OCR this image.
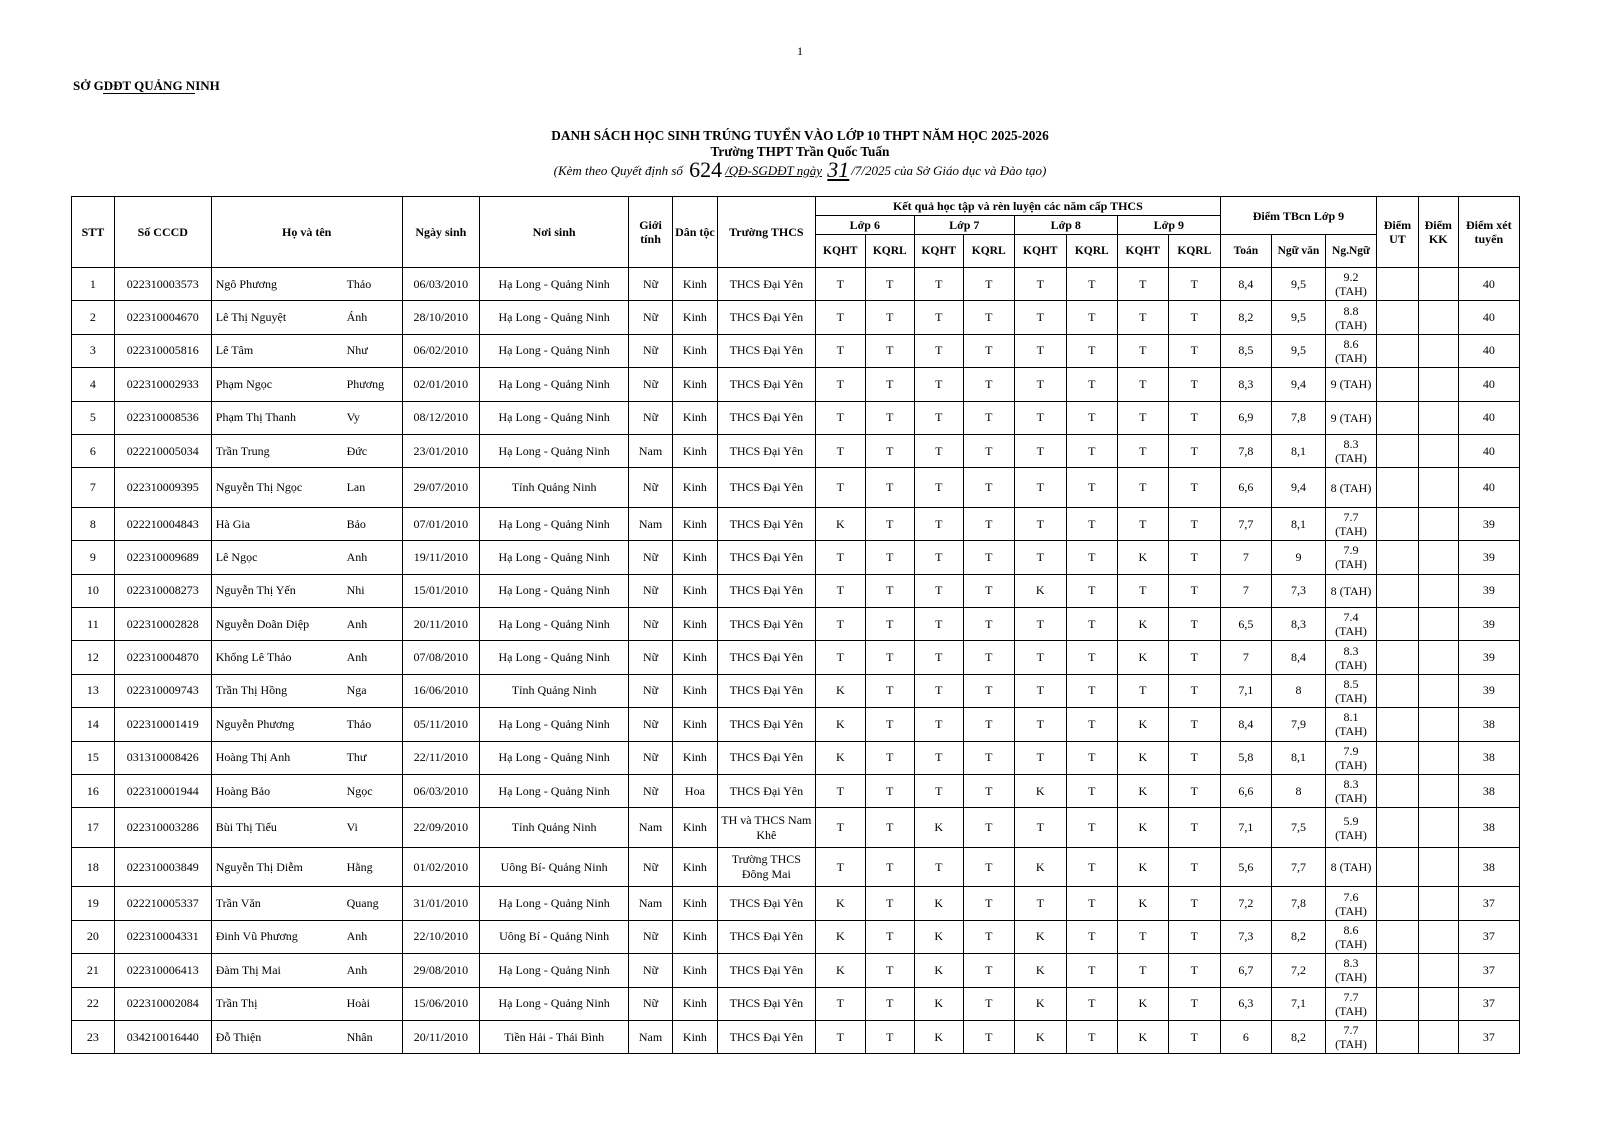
1
SỞ GDĐT QUẢNG NINH
DANH SÁCH HỌC SINH TRÚNG TUYỂN VÀO LỚP 10 THPT NĂM HỌC 2025-2026
Trường THPT Trần Quốc Tuấn
(Kèm theo Quyết định số 624 /QĐ-SGDĐT ngày 31 /7/2025 của Sở Giáo dục và Đào tạo)
STT	Số CCCD	Họ và tên	Ngày sinh	Nơi sinh	Giới tính	Dân tộc	Trường THCS	Kết quả học tập và rèn luyện các năm cấp THCS								Điểm TBcn Lớp 9			Điểm UT	Điểm KK	Điểm xét tuyển
								Lớp 6		Lớp 7		Lớp 8		Lớp 9							
								KQHT	KQRL	KQHT	KQRL	KQHT	KQRL	KQHT	KQRL	Toán	Ngữ văn	Ng.Ngữ			
1	022310003573	Ngô Phương Thảo	06/03/2010	Hạ Long - Quảng Ninh	Nữ	Kinh	THCS Đại Yên	T	T	T	T	T	T	T	T	8,4	9,5	9.2 (TAH)			40
2	022310004670	Lê Thị Nguyệt Ánh	28/10/2010	Hạ Long - Quảng Ninh	Nữ	Kinh	THCS Đại Yên	T	T	T	T	T	T	T	T	8,2	9,5	8.8 (TAH)			40
3	022310005816	Lê Tâm Như	06/02/2010	Hạ Long - Quảng Ninh	Nữ	Kinh	THCS Đại Yên	T	T	T	T	T	T	T	T	8,5	9,5	8.6 (TAH)			40
4	022310002933	Phạm Ngọc Phương	02/01/2010	Hạ Long - Quảng Ninh	Nữ	Kinh	THCS Đại Yên	T	T	T	T	T	T	T	T	8,3	9,4	9 (TAH)			40
5	022310008536	Phạm Thị Thanh Vy	08/12/2010	Hạ Long - Quảng Ninh	Nữ	Kinh	THCS Đại Yên	T	T	T	T	T	T	T	T	6,9	7,8	9 (TAH)			40
6	022210005034	Trần Trung Đức	23/01/2010	Hạ Long - Quảng Ninh	Nam	Kinh	THCS Đại Yên	T	T	T	T	T	T	T	T	7,8	8,1	8.3 (TAH)			40
7	022310009395	Nguyễn Thị Ngọc Lan	29/07/2010	Tỉnh Quảng Ninh	Nữ	Kinh	THCS Đại Yên	T	T	T	T	T	T	T	T	6,6	9,4	8 (TAH)			40
8	022210004843	Hà Gia Bảo	07/01/2010	Hạ Long - Quảng Ninh	Nam	Kinh	THCS Đại Yên	K	T	T	T	T	T	T	T	7,7	8,1	7.7 (TAH)			39
9	022310009689	Lê Ngọc Anh	19/11/2010	Hạ Long - Quảng Ninh	Nữ	Kinh	THCS Đại Yên	T	T	T	T	T	T	K	T	7	9	7.9 (TAH)			39
10	022310008273	Nguyễn Thị Yến Nhi	15/01/2010	Hạ Long - Quảng Ninh	Nữ	Kinh	THCS Đại Yên	T	T	T	T	K	T	T	T	7	7,3	8 (TAH)			39
11	022310002828	Nguyễn Doãn Diệp Anh	20/11/2010	Hạ Long - Quảng Ninh	Nữ	Kinh	THCS Đại Yên	T	T	T	T	T	T	K	T	6,5	8,3	7.4 (TAH)			39
12	022310004870	Khổng Lê Thảo Anh	07/08/2010	Hạ Long - Quảng Ninh	Nữ	Kinh	THCS Đại Yên	T	T	T	T	T	T	K	T	7	8,4	8.3 (TAH)			39
13	022310009743	Trần Thị Hồng Nga	16/06/2010	Tỉnh Quảng Ninh	Nữ	Kinh	THCS Đại Yên	K	T	T	T	T	T	T	T	7,1	8	8.5 (TAH)			39
14	022310001419	Nguyễn Phương Thảo	05/11/2010	Hạ Long - Quảng Ninh	Nữ	Kinh	THCS Đại Yên	K	T	T	T	T	T	K	T	8,4	7,9	8.1 (TAH)			38
15	031310008426	Hoàng Thị Anh Thư	22/11/2010	Hạ Long - Quảng Ninh	Nữ	Kinh	THCS Đại Yên	K	T	T	T	T	T	K	T	5,8	8,1	7.9 (TAH)			38
16	022310001944	Hoàng Bảo Ngọc	06/03/2010	Hạ Long - Quảng Ninh	Nữ	Hoa	THCS Đại Yên	T	T	T	T	K	T	K	T	6,6	8	8.3 (TAH)			38
17	022310003286	Bùi Thị Tiểu Vi	22/09/2010	Tỉnh Quảng Ninh	Nam	Kinh	TH và THCS Nam Khê	T	T	K	T	T	T	K	T	7,1	7,5	5.9 (TAH)			38
18	022310003849	Nguyễn Thị Diễm Hằng	01/02/2010	Uông Bí- Quảng Ninh	Nữ	Kinh	Trường THCS Đông Mai	T	T	T	T	K	T	K	T	5,6	7,7	8 (TAH)			38
19	022210005337	Trần Văn Quang	31/01/2010	Hạ Long - Quảng Ninh	Nam	Kinh	THCS Đại Yên	K	T	K	T	T	T	K	T	7,2	7,8	7.6 (TAH)			37
20	022310004331	Đinh Vũ Phương Anh	22/10/2010	Uông Bí - Quảng Ninh	Nữ	Kinh	THCS Đại Yên	K	T	K	T	K	T	T	T	7,3	8,2	8.6 (TAH)			37
21	022310006413	Đàm Thị Mai Anh	29/08/2010	Hạ Long - Quảng Ninh	Nữ	Kinh	THCS Đại Yên	K	T	K	T	K	T	T	T	6,7	7,2	8.3 (TAH)			37
22	022310002084	Trần Thị Hoài	15/06/2010	Hạ Long - Quảng Ninh	Nữ	Kinh	THCS Đại Yên	T	T	K	T	K	T	K	T	6,3	7,1	7.7 (TAH)			37
23	034210016440	Đỗ Thiện Nhân	20/11/2010	Tiền Hải - Thái Bình	Nam	Kinh	THCS Đại Yên	T	T	K	T	K	T	K	T	6	8,2	7.7 (TAH)			37
